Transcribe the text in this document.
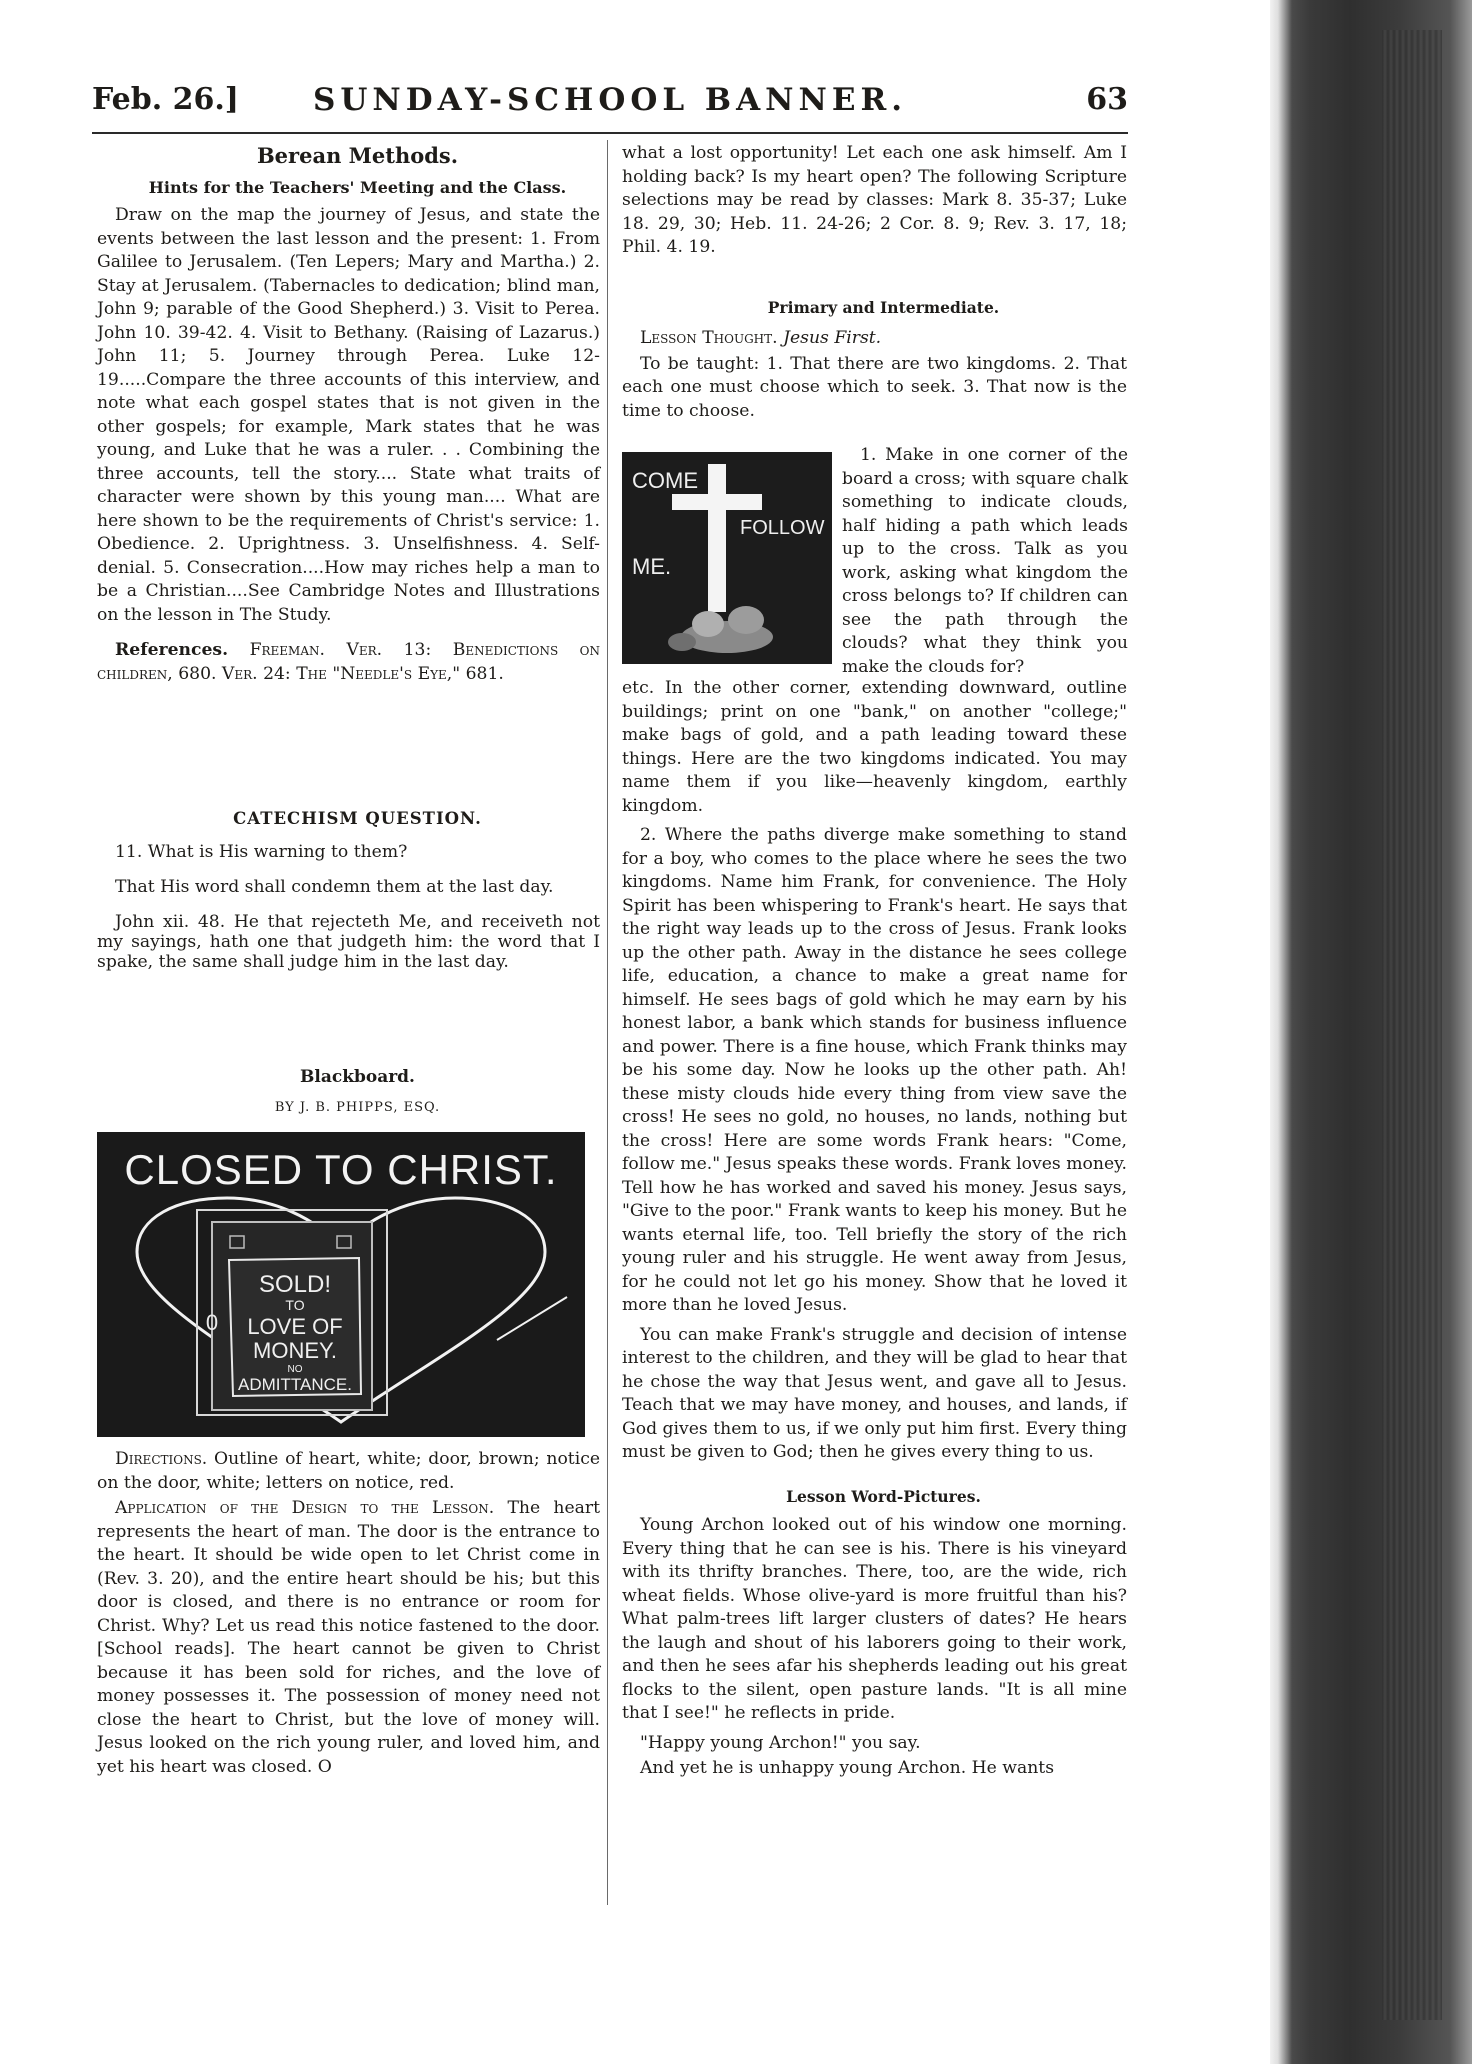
Feb. 26.]	SUNDAY-SCHOOL BANNER.	63

Berean Methods.

Hints for the Teachers' Meeting and the Class.

Draw on the map the journey of Jesus, and state the events between the last lesson and the present: 1. From Galilee to Jerusalem. (Ten Lepers; Mary and Martha.) 2. Stay at Jerusalem. (Tabernacles to dedication; blind man, John 9; parable of the Good Shepherd.) 3. Visit to Perea. John 10. 39-42. 4. Visit to Bethany. (Raising of Lazarus.) John 11; 5. Journey through Perea. Luke 12-19.....Compare the three accounts of this interview, and note what each gospel states that is not given in the other gospels; for example, Mark states that he was young, and Luke that he was a ruler. . . Combining the three accounts, tell the story.... State what traits of character were shown by this young man.... What are here shown to be the requirements of Christ's service: 1. Obedience. 2. Uprightness. 3. Unselfishness. 4. Self-denial. 5. Consecration....How may riches help a man to be a Christian....See Cambridge Notes and Illustrations on the lesson in The Study.

References. Freeman. Ver. 13: Benedictions on children, 680. Ver. 24: The "Needle's Eye," 681.

CATECHISM QUESTION.

11. What is His warning to them?

That His word shall condemn them at the last day.

John xii. 48. He that rejecteth Me, and receiveth not my sayings, hath one that judgeth him: the word that I spake, the same shall judge him in the last day.

Blackboard.

BY J. B. PHIPPS, ESQ.

CLOSED TO CHRIST.
0
SOLD!
TO
LOVE OF
MONEY.
NO
ADMITTANCE.

Directions. Outline of heart, white; door, brown; notice on the door, white; letters on notice, red.

Application of the Design to the Lesson. The heart represents the heart of man. The door is the entrance to the heart. It should be wide open to let Christ come in (Rev. 3. 20), and the entire heart should be his; but this door is closed, and there is no entrance or room for Christ. Why? Let us read this notice fastened to the door. [School reads]. The heart cannot be given to Christ because it has been sold for riches, and the love of money possesses it. The possession of money need not close the heart to Christ, but the love of money will. Jesus looked on the rich young ruler, and loved him, and yet his heart was closed. O

what a lost opportunity! Let each one ask himself. Am I holding back? Is my heart open? The following Scripture selections may be read by classes: Mark 8. 35-37; Luke 18. 29, 30; Heb. 11. 24-26; 2 Cor. 8. 9; Rev. 3. 17, 18; Phil. 4. 19.

Primary and Intermediate.

Lesson Thought. Jesus First.

To be taught: 1. That there are two kingdoms. 2. That each one must choose which to seek. 3. That now is the time to choose.

COME
FOLLOW
ME.

1. Make in one corner of the board a cross; with square chalk something to indicate clouds, half hiding a path which leads up to the cross. Talk as you work, asking what kingdom the cross belongs to? If children can see the path through the clouds? what they think you make the clouds for?

etc. In the other corner, extending downward, outline buildings; print on one "bank," on another "college;" make bags of gold, and a path leading toward these things. Here are the two kingdoms indicated. You may name them if you like—heavenly kingdom, earthly kingdom.

2. Where the paths diverge make something to stand for a boy, who comes to the place where he sees the two kingdoms. Name him Frank, for convenience. The Holy Spirit has been whispering to Frank's heart. He says that the right way leads up to the cross of Jesus. Frank looks up the other path. Away in the distance he sees college life, education, a chance to make a great name for himself. He sees bags of gold which he may earn by his honest labor, a bank which stands for business influence and power. There is a fine house, which Frank thinks may be his some day. Now he looks up the other path. Ah! these misty clouds hide every thing from view save the cross! He sees no gold, no houses, no lands, nothing but the cross! Here are some words Frank hears: "Come, follow me." Jesus speaks these words. Frank loves money. Tell how he has worked and saved his money. Jesus says, "Give to the poor." Frank wants to keep his money. But he wants eternal life, too. Tell briefly the story of the rich young ruler and his struggle. He went away from Jesus, for he could not let go his money. Show that he loved it more than he loved Jesus.

You can make Frank's struggle and decision of intense interest to the children, and they will be glad to hear that he chose the way that Jesus went, and gave all to Jesus. Teach that we may have money, and houses, and lands, if God gives them to us, if we only put him first. Every thing must be given to God; then he gives every thing to us.

Lesson Word-Pictures.

Young Archon looked out of his window one morning. Every thing that he can see is his. There is his vineyard with its thrifty branches. There, too, are the wide, rich wheat fields. Whose olive-yard is more fruitful than his? What palm-trees lift larger clusters of dates? He hears the laugh and shout of his laborers going to their work, and then he sees afar his shepherds leading out his great flocks to the silent, open pasture lands. "It is all mine that I see!" he reflects in pride.

"Happy young Archon!" you say.

And yet he is unhappy young Archon. He wants
